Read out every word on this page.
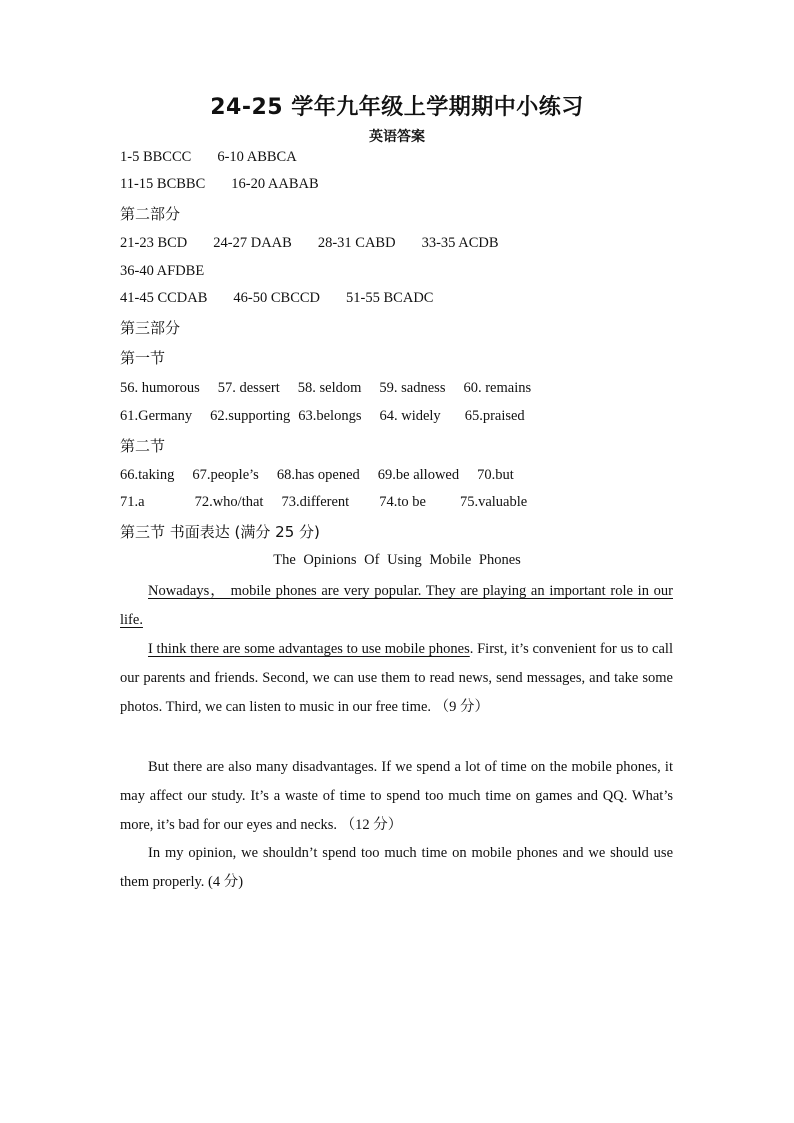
24-25 学年九年级上学期期中小练习
英语答案
1-5 BBCCC 6-10 ABBCA
11-15 BCBBC 16-20 AABAB
第二部分
21-23 BCD 24-27 DAAB 28-31 CABD 33-35 ACDB
36-40 AFDBE
41-45 CCDAB 46-50 CBCCD 51-55 BCADC
第三部分
第一节
56. humorous 57. dessert 58. seldom 59. sadness 60. remains
61.Germany 62.supporting 63.belongs 64. widely 65.praised
第二节
66.taking 67.people’s 68.has opened 69.be allowed 70.but
71.a	72.who/that 73.different 74.to be 75.valuable
第三节 书面表达 (满分 25 分)
The Opinions Of Using Mobile Phones
Nowadays， mobile phones are very popular. They are playing an important role in our life.
I think there are some advantages to use mobile phones. First, it’s convenient for us to call our parents and friends. Second, we can use them to read news, send messages, and take some photos. Third, we can listen to music in our free time. （9 分）
But there are also many disadvantages. If we spend a lot of time on the mobile phones, it may affect our study. It’s a waste of time to spend too much time on games and QQ. What’s more, it’s bad for our eyes and necks. （12 分）
In my opinion, we shouldn’t spend too much time on mobile phones and we should use them properly. (4 分)
